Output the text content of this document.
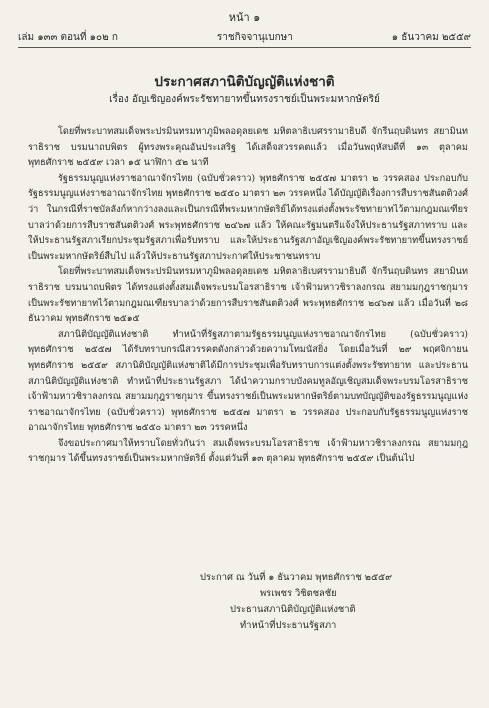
หน้า ๑
เล่ม ๑๓๓ ตอนที่ ๑๐๒ ก	ราชกิจจานุเบกษา	๑ ธันวาคม ๒๕๕๙
ประกาศสภานิติบัญญัติแห่งชาติ
เรื่อง อัญเชิญองค์พระรัชทายาทขึ้นทรงราชย์เป็นพระมหากษัตริย์

โดยที่พระบาทสมเด็จพระปรมินทรมหาภูมิพลอดุลยเดช มหิตลาธิเบศรรามาธิบดี จักรีนฤบดินทร สยามินทราธิราช บรมนาถบพิตร ผู้ทรงพระคุณอันประเสริฐ ได้เสด็จสวรรคตแล้ว เมื่อวันพฤหัสบดีที่ ๑๓ ตุลาคม พุทธศักราช ๒๕๕๙ เวลา ๑๕ นาฬิกา ๕๒ นาที

รัฐธรรมนูญแห่งราชอาณาจักรไทย (ฉบับชั่วคราว) พุทธศักราช ๒๕๕๗ มาตรา ๒ วรรคสอง ประกอบกับรัฐธรรมนูญแห่งราชอาณาจักรไทย พุทธศักราช ๒๕๕๐ มาตรา ๒๓ วรรคหนึ่ง ได้บัญญัติเรื่องการสืบราชสันตติวงศ์ว่า ในกรณีที่ราชบัลลังก์หากว่างลงและเป็นกรณีที่พระมหากษัตริย์ได้ทรงแต่งตั้งพระรัชทายาทไว้ตามกฎมณเฑียรบาลว่าด้วยการสืบราชสันตติวงศ์ พระพุทธศักราช ๒๔๖๗ แล้ว ให้คณะรัฐมนตรีแจ้งให้ประธานรัฐสภาทราบ และให้ประธานรัฐสภาเรียกประชุมรัฐสภาเพื่อรับทราบ และให้ประธานรัฐสภาอัญเชิญองค์พระรัชทายาทขึ้นทรงราชย์เป็นพระมหากษัตริย์สืบไป แล้วให้ประธานรัฐสภาประกาศให้ประชาชนทราบ

โดยที่พระบาทสมเด็จพระปรมินทรมหาภูมิพลอดุลยเดช มหิตลาธิเบศรรามาธิบดี จักรีนฤบดินทร สยามินทราธิราช บรมนาถบพิตร ได้ทรงแต่งตั้งสมเด็จพระบรมโอรสาธิราช เจ้าฟ้ามหาวชิราลงกรณ สยามมกุฎราชกุมาร เป็นพระรัชทายาทไว้ตามกฎมณเฑียรบาลว่าด้วยการสืบราชสันตติวงศ์ พระพุทธศักราช ๒๔๖๗ แล้ว เมื่อวันที่ ๒๘ ธันวาคม พุทธศักราช ๒๕๑๕

สภานิติบัญญัติแห่งชาติ ทำหน้าที่รัฐสภาตามรัฐธรรมนูญแห่งราชอาณาจักรไทย (ฉบับชั่วคราว) พุทธศักราช ๒๕๕๗ ได้รับทราบกรณีสวรรคตดังกล่าวด้วยความโทมนัสยิ่ง โดยเมื่อวันที่ ๒๙ พฤศจิกายน พุทธศักราช ๒๕๕๙ สภานิติบัญญัติแห่งชาติได้มีการประชุมเพื่อรับทราบการแต่งตั้งพระรัชทายาท และประธานสภานิติบัญญัติแห่งชาติ ทำหน้าที่ประธานรัฐสภา ได้นำความกราบบังคมทูลอัญเชิญสมเด็จพระบรมโอรสาธิราช เจ้าฟ้ามหาวชิราลงกรณ สยามมกุฎราชกุมาร ขึ้นทรงราชย์เป็นพระมหากษัตริย์ตามบทบัญญัติของรัฐธรรมนูญแห่งราชอาณาจักรไทย (ฉบับชั่วคราว) พุทธศักราช ๒๕๕๗ มาตรา ๒ วรรคสอง ประกอบกับรัฐธรรมนูญแห่งราชอาณาจักรไทย พุทธศักราช ๒๕๕๐ มาตรา ๒๓ วรรคหนึ่ง

จึงขอประกาศมาให้ทราบโดยทั่วกันว่า สมเด็จพระบรมโอรสาธิราช เจ้าฟ้ามหาวชิราลงกรณ สยามมกุฎราชกุมาร ได้ขึ้นทรงราชย์เป็นพระมหากษัตริย์ ตั้งแต่วันที่ ๑๓ ตุลาคม พุทธศักราช ๒๕๕๙ เป็นต้นไป

ประกาศ ณ วันที่ ๑ ธันวาคม พุทธศักราช ๒๕๕๙
พรเพชร วิชิตชลชัย
ประธานสภานิติบัญญัติแห่งชาติ
ทำหน้าที่ประธานรัฐสภา
